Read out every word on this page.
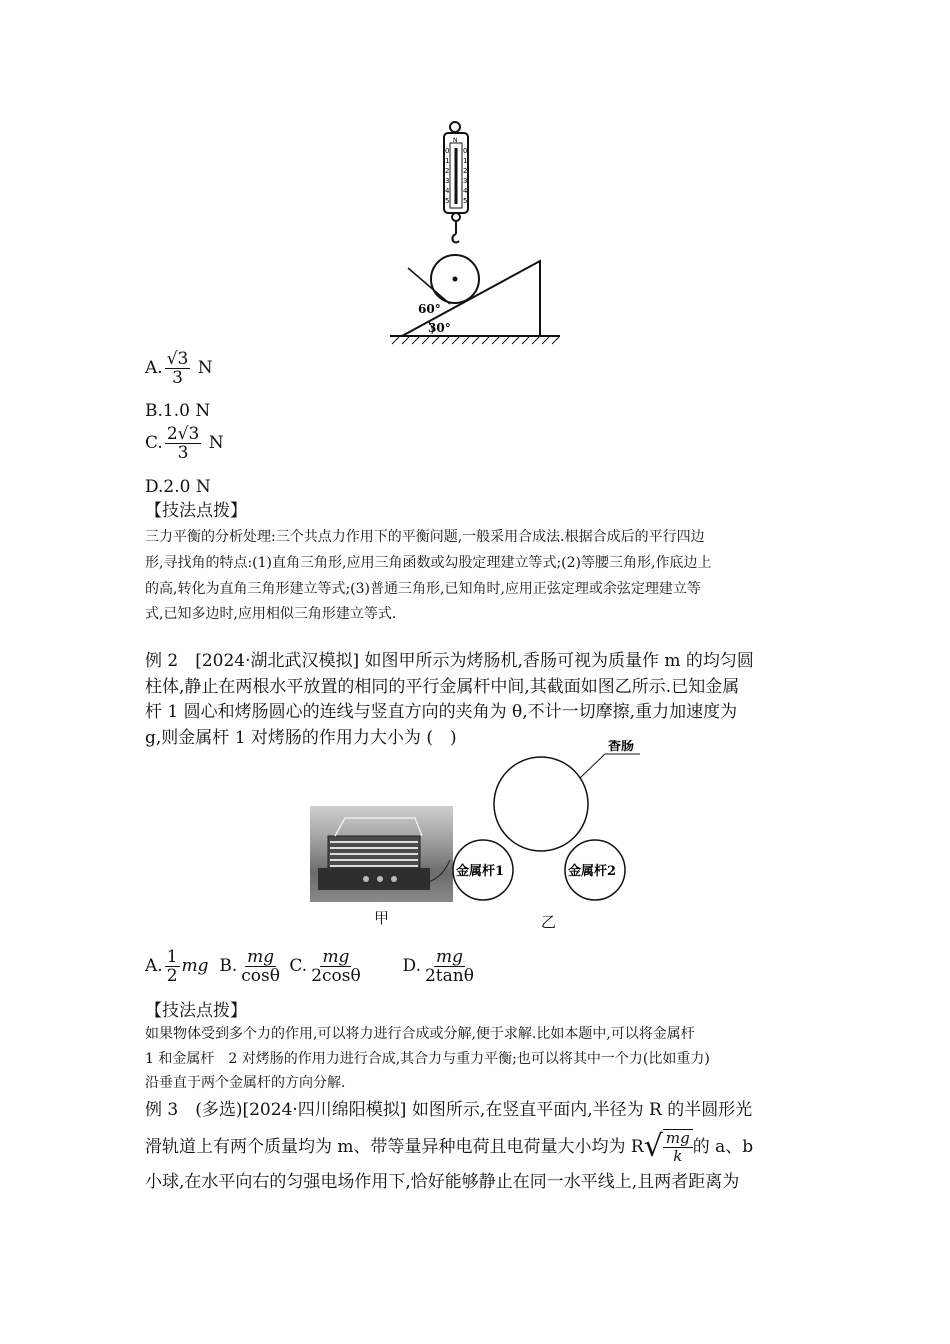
N
0
1
2
3
4
5
0
1
2
3
4
5
60°
30°
A. $\frac{√3}{3}$ N
B.1.0 N
C. $\frac{2√3}{3}$ N
D.2.0 N
【技法点拨】
三力平衡的分析处理:三个共点力作用下的平衡问题,一般采用合成法.根据合成后的平行四边
形,寻找角的特点:(1)直角三角形,应用三角函数或勾股定理建立等式;(2)等腰三角形,作底边上
的高,转化为直角三角形建立等式;(3)普通三角形,已知角时,应用正弦定理或余弦定理建立等
式,已知多边时,应用相似三角形建立等式.
例 2　[2024·湖北武汉模拟] 如图甲所示为烤肠机,香肠可视为质量作 m 的均匀圆
柱体,静止在两根水平放置的相同的平行金属杆中间,其截面如图乙所示.已知金属
杆 1 圆心和烤肠圆心的连线与竖直方向的夹角为 θ,不计一切摩擦,重力加速度为
g,则金属杆 1 对烤肠的作用力大小为 (　)
甲
香肠
金属杆1	金属杆2
乙
A. $\frac{1}{2}$ mg B. $\frac{mg}{\cos\theta} C$. $\frac{mg}{2\cos\theta} D$. $\frac{mg}{2\tan\theta}$
【技法点拨】
如果物体受到多个力的作用,可以将力进行合成或分解,便于求解.比如本题中,可以将金属杆
1 和金属杆　2 对烤肠的作用力进行合成,其合力与重力平衡;也可以将其中一个力(比如重力)
沿垂直于两个金属杆的方向分解.
例 3　(多选)[2024·四川绵阳模拟] 如图所示,在竖直平面内,半径为 R 的半圆形光
滑轨道上有两个质量均为 m、带等量异种电荷且电荷量大小均为 R √ mg
k 的 a、b
小球,在水平向右的匀强电场作用下,恰好能够静止在同一水平线上,且两者距离为
